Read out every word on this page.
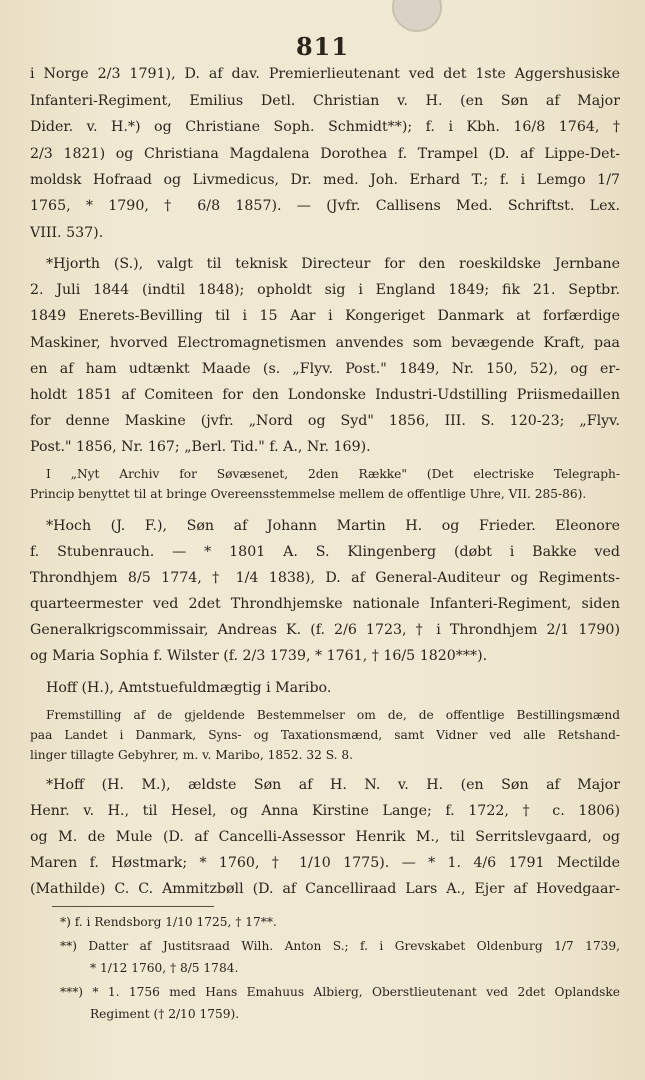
811
i Norge 2/3 1791), D. af dav. Premierlieutenant ved det 1ste Aggershusiske
Infanteri-Regiment, Emilius Detl. Christian v. H. (en Søn af Major
Dider. v. H.*) og Christiane Soph. Schmidt**); f. i Kbh. 16/8 1764, †
2/3 1821) og Christiana Magdalena Dorothea f. Trampel (D. af Lippe-Det-
moldsk Hofraad og Livmedicus, Dr. med. Joh. Erhard T.; f. i Lemgo 1/7
1765, * 1790, † 6/8 1857). — (Jvfr. Callisens Med. Schriftst. Lex.
VIII. 537).
*Hjorth (S.), valgt til teknisk Directeur for den roeskildske Jernbane
2. Juli 1844 (indtil 1848); opholdt sig i England 1849; fik 21. Septbr.
1849 Enerets-Bevilling til i 15 Aar i Kongeriget Danmark at forfærdige
Maskiner, hvorved Electromagnetismen anvendes som bevægende Kraft, paa
en af ham udtænkt Maade (s. „Flyv. Post." 1849, Nr. 150, 52), og er-
holdt 1851 af Comiteen for den Londonske Industri-Udstilling Priismedaillen
for denne Maskine (jvfr. „Nord og Syd" 1856, III. S. 120-23; „Flyv.
Post." 1856, Nr. 167; „Berl. Tid." f. A., Nr. 169).
I „Nyt Archiv for Søvæsenet, 2den Række" (Det electriske Telegraph-
Princip benyttet til at bringe Overeensstemmelse mellem de offentlige Uhre, VII. 285-86).
*Hoch (J. F.), Søn af Johann Martin H. og Frieder. Eleonore
f. Stubenrauch. — * 1801 A. S. Klingenberg (døbt i Bakke ved
Throndhjem 8/5 1774, † 1/4 1838), D. af General-Auditeur og Regiments-
quarteermester ved 2det Throndhjemske nationale Infanteri-Regiment, siden
Generalkrigscommissair, Andreas K. (f. 2/6 1723, † i Throndhjem 2/1 1790)
og Maria Sophia f. Wilster (f. 2/3 1739, * 1761, † 16/5 1820***).
Hoff (H.), Amtstuefuldmægtig i Maribo.
Fremstilling af de gjeldende Bestemmelser om de, de offentlige Bestillingsmænd
paa Landet i Danmark, Syns- og Taxationsmænd, samt Vidner ved alle Retshand-
linger tillagte Gebyhrer, m. v. Maribo, 1852. 32 S. 8.
*Hoff (H. M.), ældste Søn af H. N. v. H. (en Søn af Major
Henr. v. H., til Hesel, og Anna Kirstine Lange; f. 1722, † c. 1806)
og M. de Mule (D. af Cancelli-Assessor Henrik M., til Serritslevgaard, og
Maren f. Høstmark; * 1760, † 1/10 1775). — * 1. 4/6 1791 Mectilde
(Mathilde) C. C. Ammitzbøll (D. af Cancelliraad Lars A., Ejer af Hovedgaar-
*) f. i Rendsborg 1/10 1725, † 17**.
**) Datter af Justitsraad Wilh. Anton S.; f. i Grevskabet Oldenburg 1/7 1739,
* 1/12 1760, † 8/5 1784.
***) * 1. 1756 med Hans Emahuus Albierg, Oberstlieutenant ved 2det Oplandske
Regiment († 2/10 1759).
